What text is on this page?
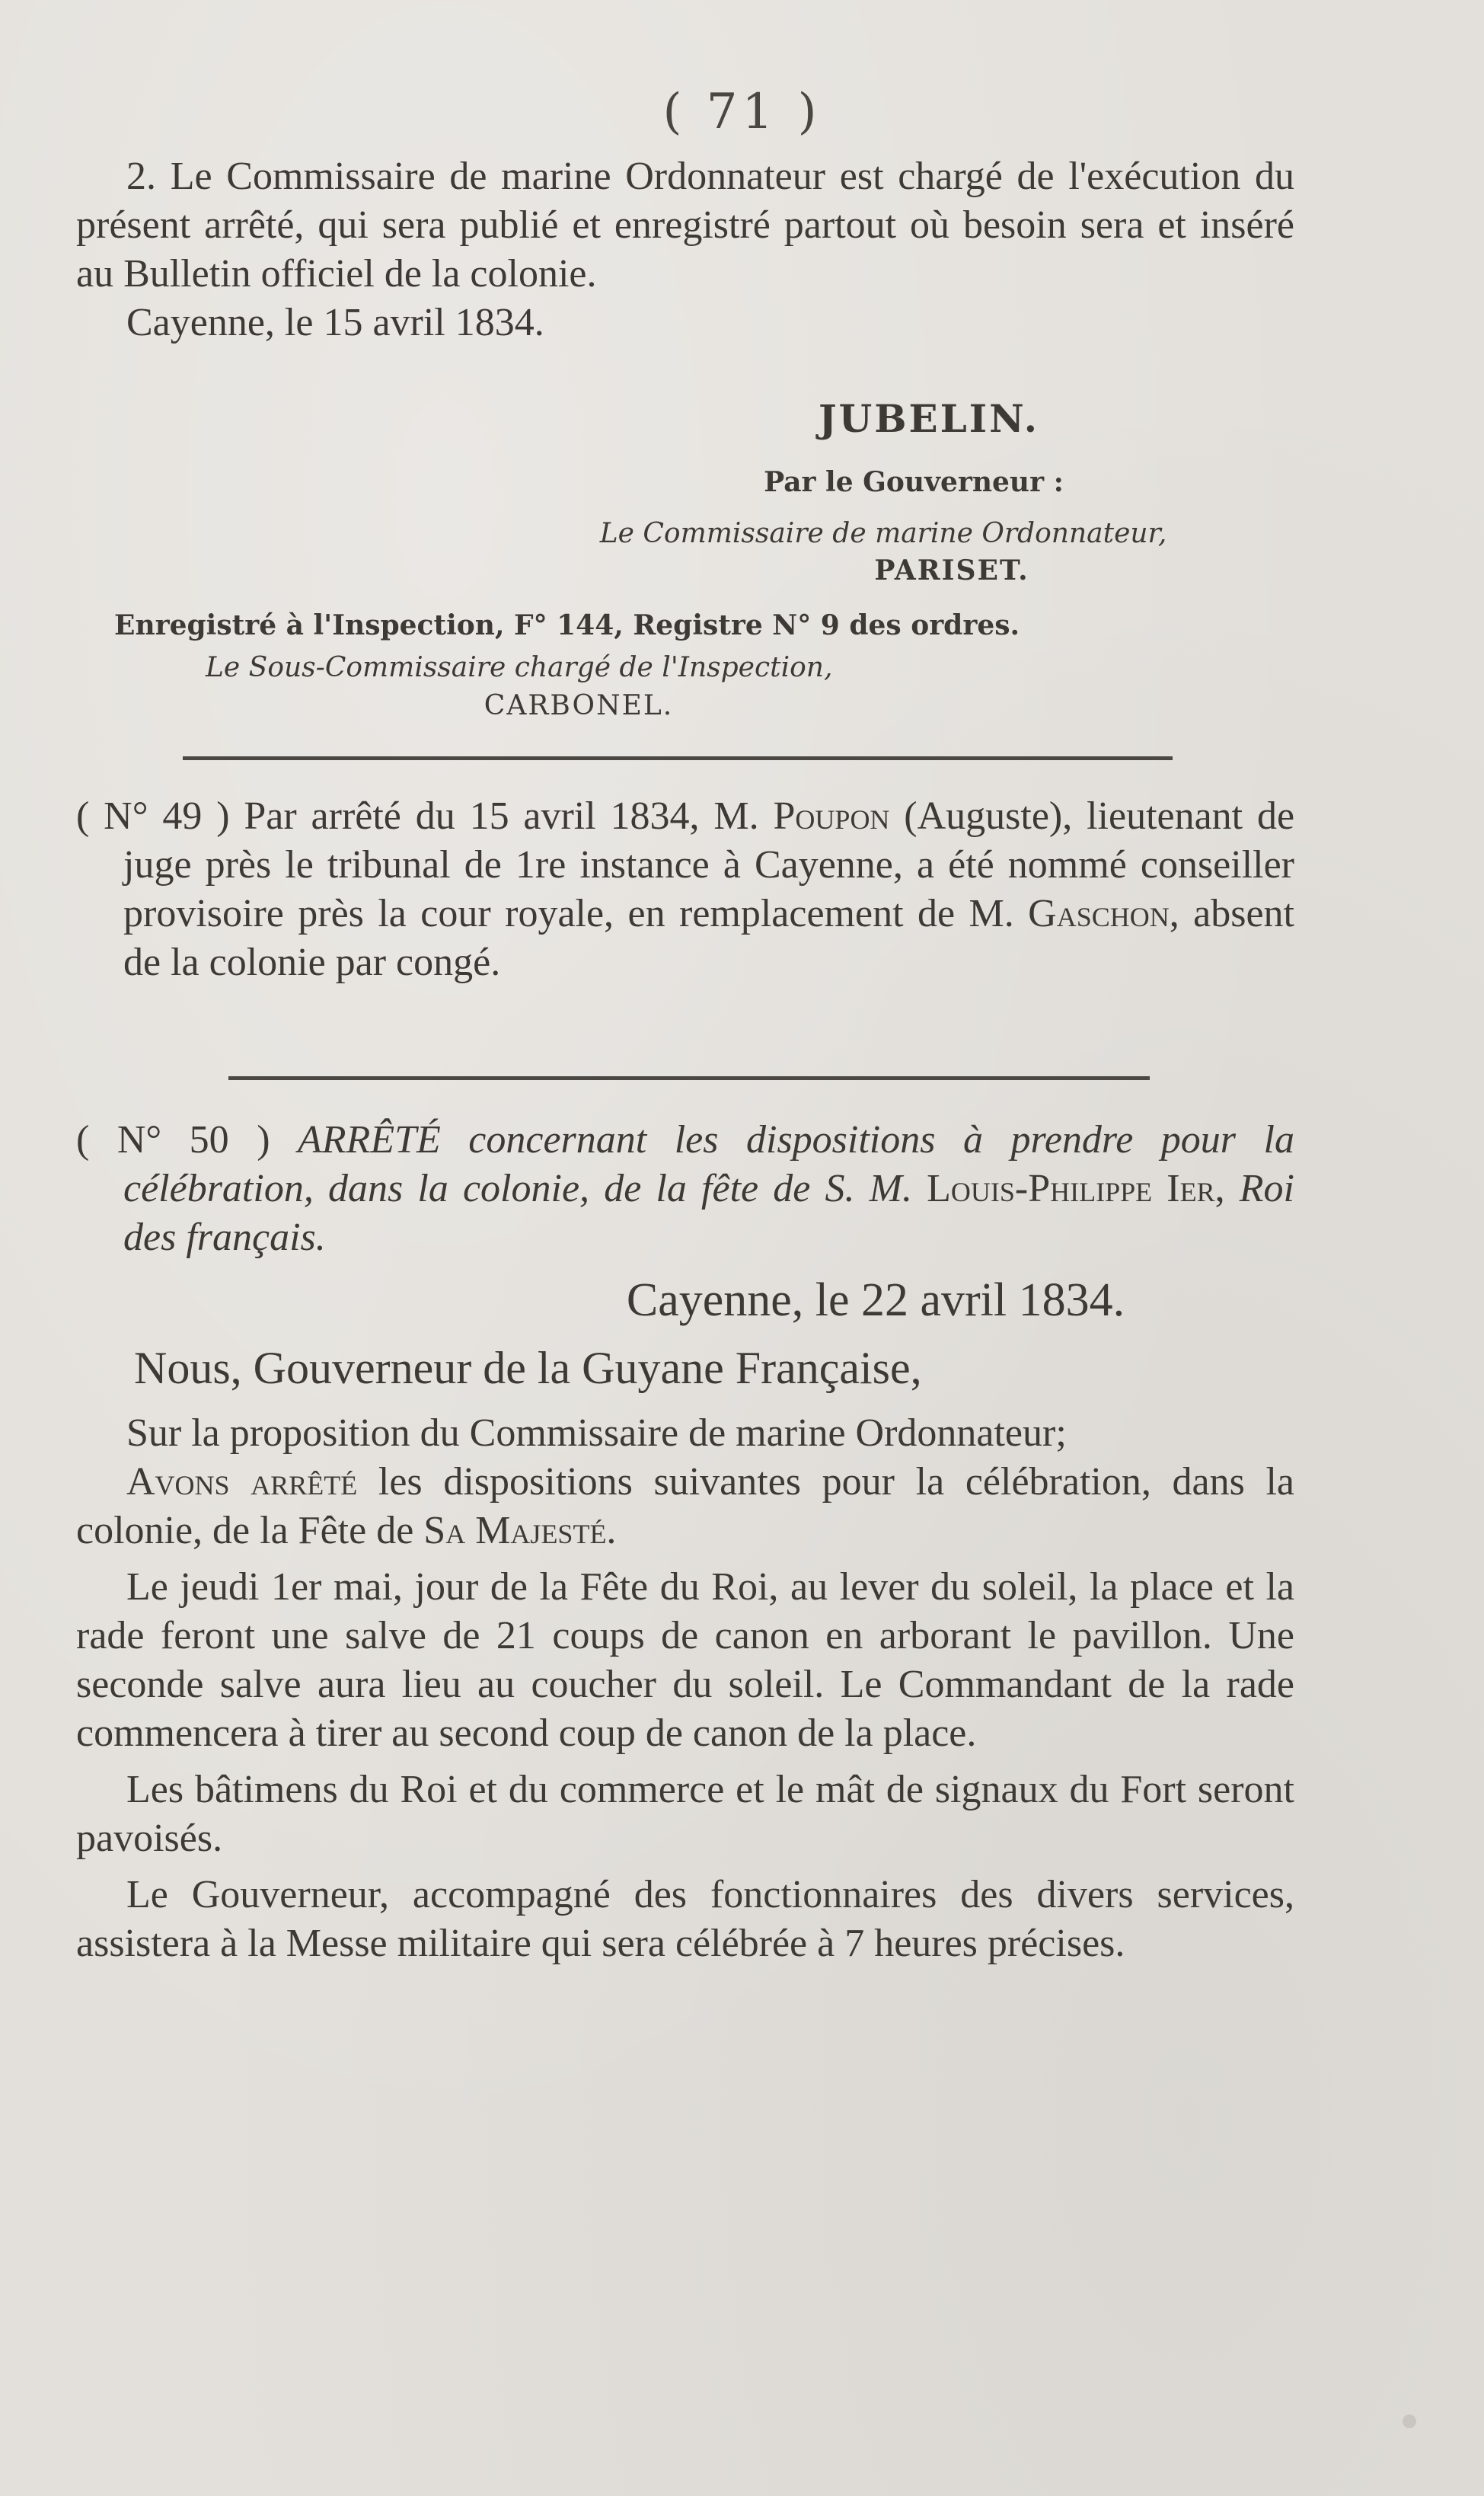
( 71 )

2. Le Commissaire de marine Ordonnateur est chargé de l'exécution du présent arrêté, qui sera publié et enregistré partout où besoin sera et inséré au Bulletin officiel de la colonie.

Cayenne, le 15 avril 1834.

JUBELIN.
Par le Gouverneur :
Le Commissaire de marine Ordonnateur,
PARISET.
Enregistré à l'Inspection, F° 144, Registre N° 9 des ordres.
Le Sous-Commissaire chargé de l'Inspection,
CARBONEL.

( N° 49 ) Par arrêté du 15 avril 1834, M. Poupon (Auguste), lieutenant de juge près le tribunal de 1re instance à Cayenne, a été nommé conseiller provisoire près la cour royale, en remplacement de M. Gaschon, absent de la colonie par congé.

( N° 50 ) ARRÊTÉ concernant les dispositions à prendre pour la célébration, dans la colonie, de la fête de S. M. Louis-Philippe Ier, Roi des français.

Cayenne, le 22 avril 1834.

Nous, Gouverneur de la Guyane Française,

Sur la proposition du Commissaire de marine Ordonnateur;

Avons arrêté les dispositions suivantes pour la célébration, dans la colonie, de la Fête de Sa Majesté.

Le jeudi 1er mai, jour de la Fête du Roi, au lever du soleil, la place et la rade feront une salve de 21 coups de canon en arborant le pavillon. Une seconde salve aura lieu au coucher du soleil. Le Commandant de la rade commencera à tirer au second coup de canon de la place.

Les bâtimens du Roi et du commerce et le mât de signaux du Fort seront pavoisés.

Le Gouverneur, accompagné des fonctionnaires des divers services, assistera à la Messe militaire qui sera célébrée à 7 heures précises.
